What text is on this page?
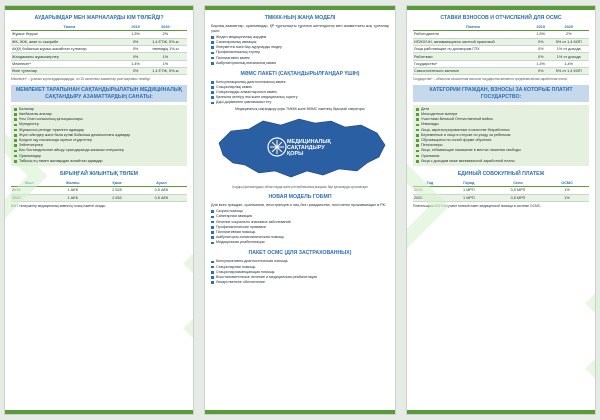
АУДАРЫМДАР МЕН ЖАРНАЛАРДЫ КІМ ТӨЛЕЙДІ?
Төлем	2019	2020
Жұмыс беруші	1,5%	2%
ЖК, ЖЖ, жеке іс-тәжірибе	0%	1,4 ЕТЖ, 5%-ы
АҚҚҚ бойынша жұмыс жасайтын тұлғалар	0%	төлемдің 1%-ы
Жалдамалы жұмыскерлер	0%	1%
Мемлекет*	1,4%	1%
Өзге тұлғалар	0%	1,4 ЕТЖ, 5%-ы
Мемлекет* – ұсынып қорға аударымдарды, ол 15 санаттағы азаматтар үшін жарнаны төлейді.
МЕМЛЕКЕТ ТАРАПЫНАН САҚТАНДЫРЫЛАТЫН МЕДИЦИНАЛЫҚ САҚТАНДЫРУ АЗАМАТТАРДЫҢ САНАТЫ:
Балалар
Көпбалалы аналар
Ұлы Отан соғысының қатысушылары
Мүгедектер
Жұмыссыз ретінде тіркелген адамдар
Жүкті әйелдер және бала күтімі бойынша демалыстағы адамдар
Күндізгі оқу нысанында оқитын студенттер
Зейнеткерлер
Бас бостандығынан айыру орындарында жазасын өтеушілер
Оралмандар
Табысы ең төмен жалақыдан аспайтын адамдар
БІРЫҢҒАЙ ЖИЫНТЫҚ ТӨЛЕМ
Жыл	Жалпы	Қала	Ауыл
2019	1 АЕК	2 525	0,5 АЕК
2020	1 АЕК	2 652	0,5 АЕК
БЖТ төлеушілер медициналық көмектің толық пакетін алады.
ТМККК-НЫҢ ЖАҢА МОДЕЛІ
Барлық азаматтар, оралмандар, ҚР тұрғылықты тұратын шетелдіктер мен азаматтығы жоқ тұлғалар үшін:
Жедел медициналық жәрдем
Санитариялық авиация
Әлеуметтік мәні бар ауруларды емдеу
Профилактикалық егулер
Паллиативтік көмек
Амбулаториялық-емханалық көмек
МӘМС ПАКЕТІ (САҚТАНДЫРЫЛҒАНДАР ҮШІН)
Консультациялық-диагностикалық көмек
Стационарлық көмек
Стационарды алмастыратын көмек
Қалпына келтіру емі және медициналық оңалту
Дәрі-дәрмекпен қамтамасыз ету
Медициналық сақтандыру қоры ТМККК және МӘМС пакетінің бірыңғай операторы
МЕДИЦИНАЛЫҚ
САҚТАНДЫРУ
ҚОРЫ
Қордың филиалдары облыстарда және республикалық маңызы бар қалаларда орналасқан
НОВАЯ МОДЕЛЬ ГОБМП
Для всех граждан, оралманов, иностранцев и лиц без гражданства, постоянно проживающих в РК:
Скорая помощь
Санитарная авиация
Лечение социально значимых заболеваний
Профилактические прививки
Паллиативная помощь
Амбулаторно-поликлиническая помощь
Медицинская реабилитация
ПАКЕТ ОСМС (ДЛЯ ЗАСТРАХОВАННЫХ)
Консультативно-диагностическая помощь
Стационарная помощь
Стационарозамещающая помощь
Восстановительное лечение и медицинская реабилитация
Лекарственное обеспечение
СТАВКИ ВЗНОСОВ И ОТЧИСЛЕНИЙ ДЛЯ ОСМС
Платеж	2019	2020
Работодатели	1,5%	2%
ИП/КХ/ЧН, занимающиеся частной практикой	0%	5% от 1,4 МЗП
Лица работающие по договорам ГПХ	0%	1% от дохода
Работники	0%	1% от дохода
Государство*	1,4%	1,4%
Самостоятельно занятые	0%	5% от 1,4 МЗП
Государство* – объектом исчисления взносов государства является среднемесячная заработная плата.
КАТЕГОРИИ ГРАЖДАН, ВЗНОСЫ ЗА КОТОРЫЕ ПЛАТИТ ГОСУДАРСТВО:
Дети
Многодетные матери
Участники Великой Отечественной войны
Инвалиды
Лица, зарегистрированные в качестве безработных
Беременные и лица в отпуске по уходу за ребенком
Обучающиеся по очной форме обучения
Пенсионеры
Лица, отбывающие наказание в местах лишения свободы
Оралманы
Лица с доходом ниже минимальной заработной платы
ЕДИНЫЙ СОВОКУПНЫЙ ПЛАТЕЖ
Год	Город	Село	ОСМС
2019	1 МРП	0,5 МРП	1%
2020	1 МРП	0,5 МРП	1%
Плательщики ЕСП получают полный пакет медицинской помощи в системе ОСМС.
